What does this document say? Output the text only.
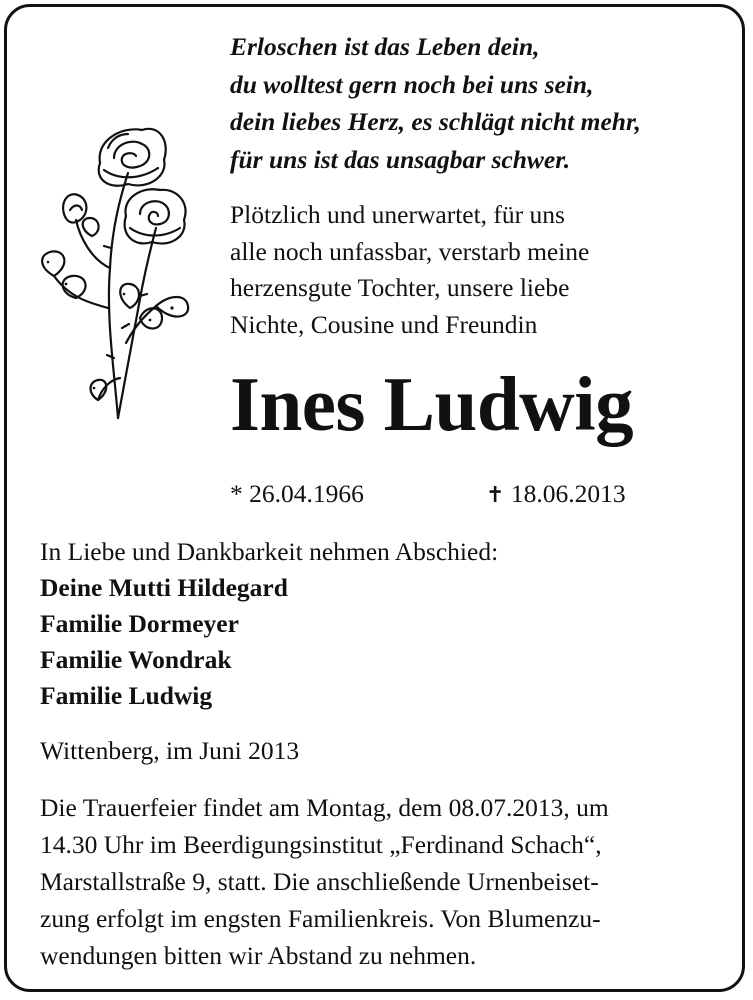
Erloschen ist das Leben dein,
du wolltest gern noch bei uns sein,
dein liebes Herz, es schlägt nicht mehr,
für uns ist das unsagbar schwer.
Plötzlich und unerwartet, für uns
alle noch unfassbar, verstarb meine
herzensgute Tochter, unsere liebe
Nichte, Cousine und Freundin
Ines Ludwig
* 26.04.1966	✝ 18.06.2013
In Liebe und Dankbarkeit nehmen Abschied:
Deine Mutti Hildegard
Familie Dormeyer
Familie Wondrak
Familie Ludwig
Wittenberg, im Juni 2013
Die Trauerfeier findet am Montag, dem 08.07.2013, um
14.30 Uhr im Beerdigungsinstitut „Ferdinand Schach“,
Marstallstraße 9, statt. Die anschließende Urnenbeiset-
zung erfolgt im engsten Familienkreis. Von Blumenzu-
wendungen bitten wir Abstand zu nehmen.
